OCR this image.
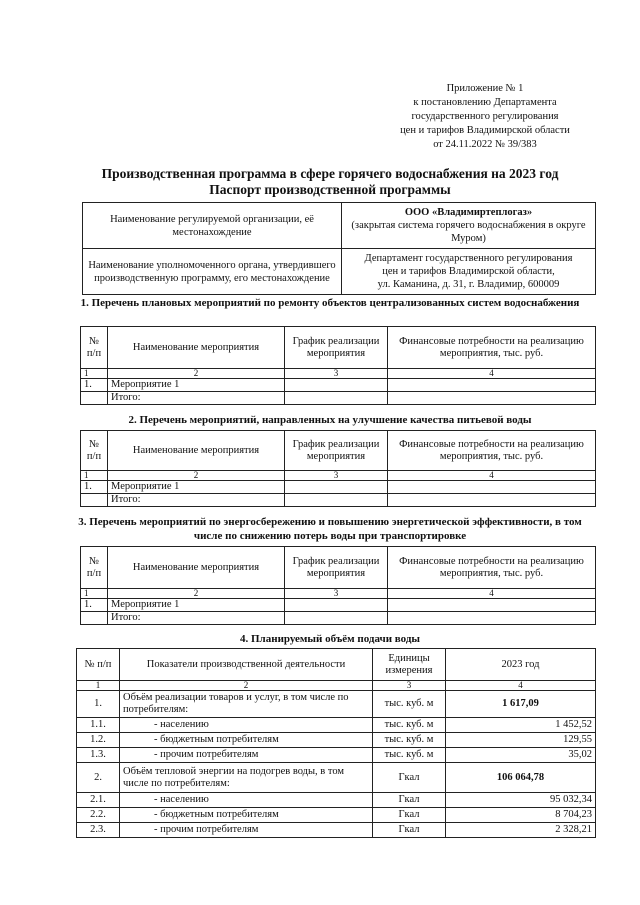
Приложение № 1
к постановлению Департамента
государственного регулирования
цен и тарифов Владимирской области
от 24.11.2022 № 39/383
Производственная программа в сфере горячего водоснабжения на 2023 год
Паспорт производственной программы
Наименование регулируемой организации, её местонахождение	ООО «Владимиртеплогаз»
(закрытая система горячего водоснабжения в округе Муром)

Наименование уполномоченного органа, утвердившего производственную программу, его местонахождение	Департамент государственного регулирования
цен и тарифов Владимирской области,
ул. Каманина, д. 31, г. Владимир, 600009
1. Перечень плановых мероприятий по ремонту объектов централизованных систем водоснабжения
№ п/п	Наименование мероприятия	График реализации мероприятия	Финансовые потребности на реализацию мероприятия, тыс. руб.
1	2	3	4
1.	Мероприятие 1		
	Итого:		
2. Перечень мероприятий, направленных на улучшение качества питьевой воды
№ п/п	Наименование мероприятия	График реализации мероприятия	Финансовые потребности на реализацию мероприятия, тыс. руб.
1	2	3	4
1.	Мероприятие 1		
	Итого:		
3. Перечень мероприятий по энергосбережению и повышению энергетической эффективности, в том числе по снижению потерь воды при транспортировке
№ п/п	Наименование мероприятия	График реализации мероприятия	Финансовые потребности на реализацию мероприятия, тыс. руб.
1	2	3	4
1.	Мероприятие 1		
	Итого:		
4. Планируемый объём подачи воды
№ п/п	Показатели производственной деятельности	Единицы измерения	2023 год
1	2	3	4
1.	Объём реализации товаров и услуг, в том числе по потребителям:	тыс. куб. м	1 617,09
1.1.	- населению	тыс. куб. м	1 452,52
1.2.	- бюджетным потребителям	тыс. куб. м	129,55
1.3.	- прочим потребителям	тыс. куб. м	35,02
2.	Объём тепловой энергии на подогрев воды, в том числе по потребителям:	Гкал	106 064,78
2.1.	- населению	Гкал	95 032,34
2.2.	- бюджетным потребителям	Гкал	8 704,23
2.3.	- прочим потребителям	Гкал	2 328,21
